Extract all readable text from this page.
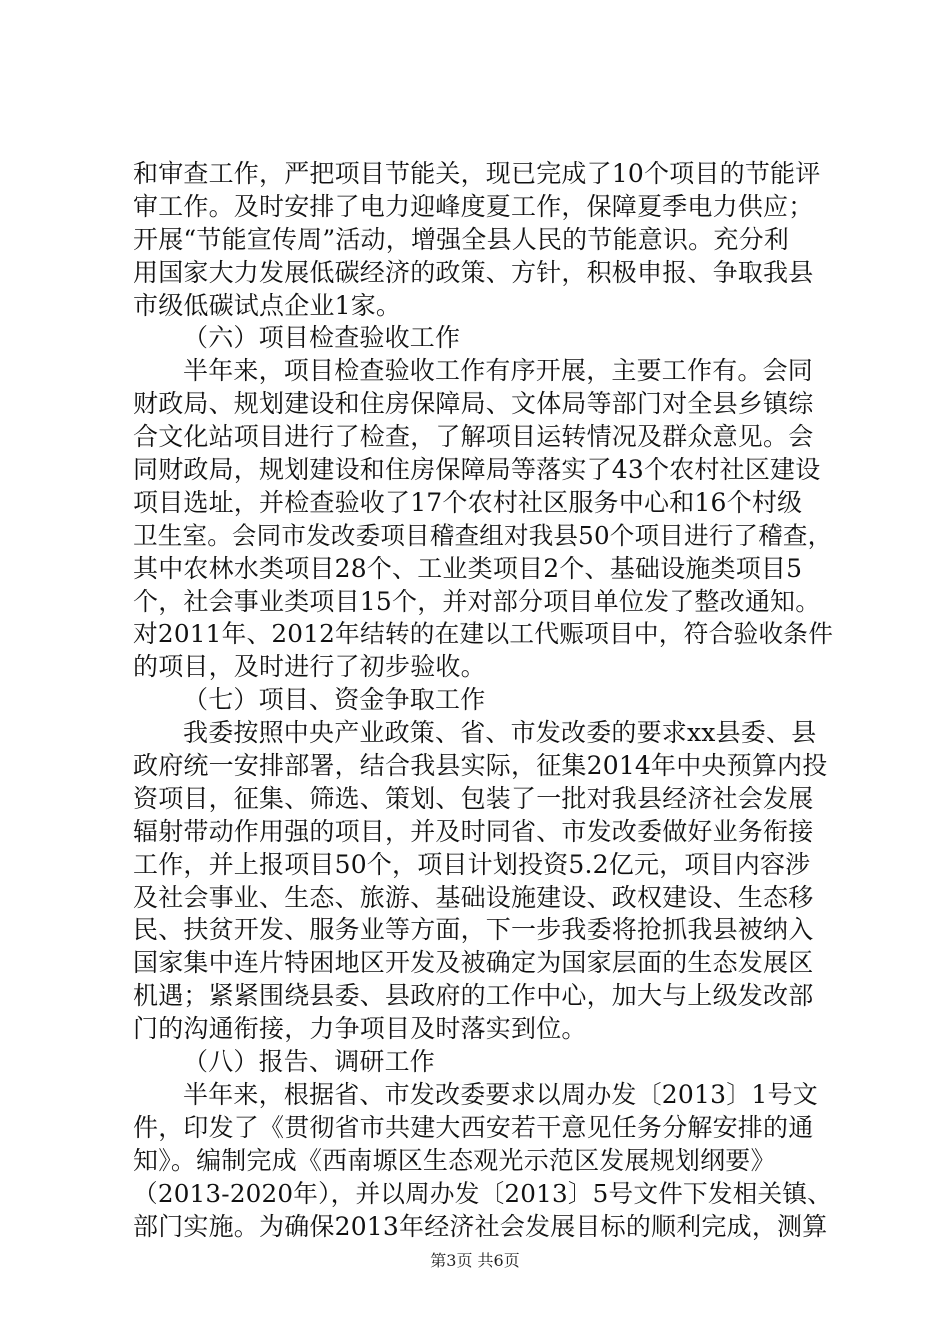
和审查工作，严把项目节能关，现已完成了10个项目的节能评
审工作。及时安排了电力迎峰度夏工作，保障夏季电力供应；
开展“节能宣传周”活动，增强全县人民的节能意识。充分利
用国家大力发展低碳经济的政策、方针，积极申报、争取我县
市级低碳试点企业1家。
（六）项目检查验收工作
半年来，项目检查验收工作有序开展，主要工作有。会同
财政局、规划建设和住房保障局、文体局等部门对全县乡镇综
合文化站项目进行了检查，了解项目运转情况及群众意见。会
同财政局，规划建设和住房保障局等落实了43个农村社区建设
项目选址，并检查验收了17个农村社区服务中心和16个村级
卫生室。会同市发改委项目稽查组对我县50个项目进行了稽查，
其中农林水类项目28个、工业类项目2个、基础设施类项目5
个，社会事业类项目15个，并对部分项目单位发了整改通知。
对2011年、2012年结转的在建以工代赈项目中，符合验收条件
的项目，及时进行了初步验收。
（七）项目、资金争取工作
我委按照中央产业政策、省、市发改委的要求xx县委、县
政府统一安排部署，结合我县实际，征集2014年中央预算内投
资项目，征集、筛选、策划、包装了一批对我县经济社会发展
辐射带动作用强的项目，并及时同省、市发改委做好业务衔接
工作，并上报项目50个，项目计划投资5.2亿元，项目内容涉
及社会事业、生态、旅游、基础设施建设、政权建设、生态移
民、扶贫开发、服务业等方面，下一步我委将抢抓我县被纳入
国家集中连片特困地区开发及被确定为国家层面的生态发展区
机遇；紧紧围绕县委、县政府的工作中心，加大与上级发改部
门的沟通衔接，力争项目及时落实到位。
（八）报告、调研工作
半年来，根据省、市发改委要求以周办发〔2013〕1号文
件，印发了《贯彻省市共建大西安若干意见任务分解安排的通
知》。编制完成《西南塬区生态观光示范区发展规划纲要》
（2013-2020年），并以周办发〔2013〕5号文件下发相关镇、
部门实施。为确保2013年经济社会发展目标的顺利完成，测算
第3页 共6页
